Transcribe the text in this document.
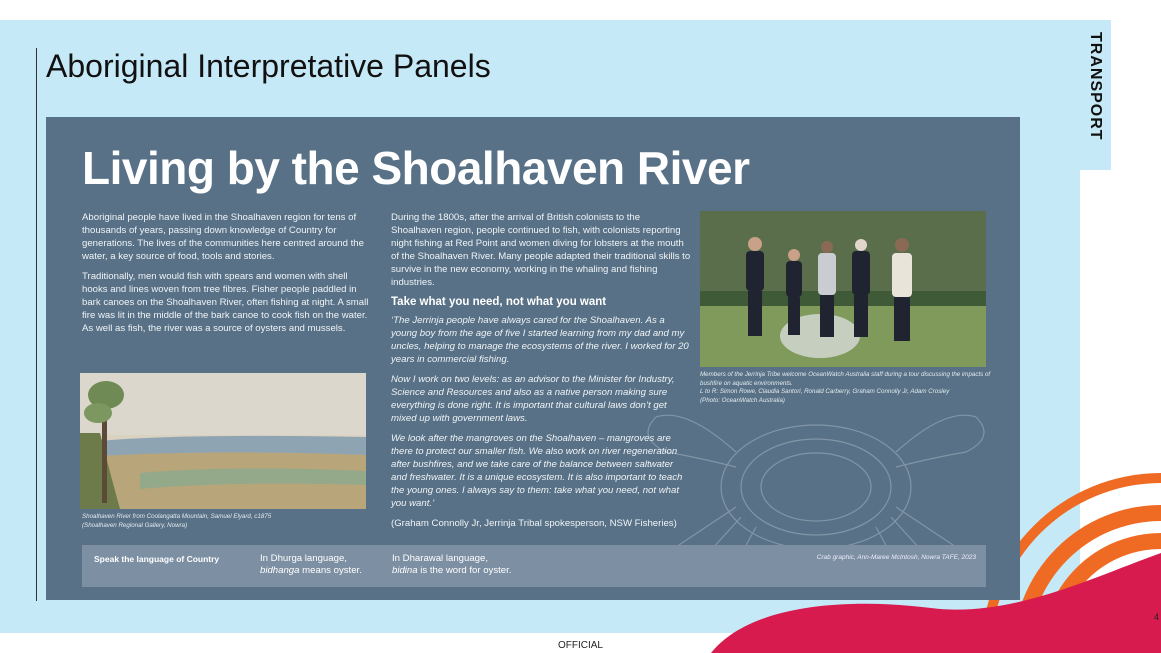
TRANSPORT
Aboriginal Interpretative Panels
Living by the Shoalhaven River

Aboriginal people have lived in the Shoalhaven region for tens of thousands of years, passing down knowledge of Country for generations. The lives of the communities here centred around the water, a key source of food, tools and stories.

Traditionally, men would fish with spears and women with shell hooks and lines woven from tree fibres. Fisher people paddled in bark canoes on the Shoalhaven River, often fishing at night. A small fire was lit in the middle of the bark canoe to cook fish on the water. As well as fish, the river was a source of oysters and mussels.

Shoalhaven River from Coolangatta Mountain, Samuel Elyard, c1875
(Shoalhaven Regional Gallery, Nowra)

During the 1800s, after the arrival of British colonists to the Shoalhaven region, people continued to fish, with colonists reporting night fishing at Red Point and women diving for lobsters at the mouth of the Shoalhaven River. Many people adapted their traditional skills to survive in the new economy, working in the whaling and fishing industries.

Take what you need, not what you want

‘The Jerrinja people have always cared for the Shoalhaven. As a young boy from the age of five I started learning from my dad and my uncles, helping to manage the ecosystems of the river. I worked for 20 years in commercial fishing.

Now I work on two levels: as an advisor to the Minister for Industry, Science and Resources and also as a native person making sure everything is done right. It is important that cultural laws don’t get mixed up with government laws.

We look after the mangroves on the Shoalhaven – mangroves are there to protect our smaller fish. We also work on river regeneration after bushfires, and we take care of the balance between saltwater and freshwater. It is a unique ecosystem. It is also important to teach the young ones. I always say to them: take what you need, not what you want.’

(Graham Connolly Jr, Jerrinja Tribal spokesperson, NSW Fisheries)

Members of the Jerrinja Tribe welcome OceanWatch Australia staff during a tour discussing the impacts of bushfire on aquatic environments.
L to R: Simon Rowe, Claudia Santori, Ronald Carberry, Graham Connolly Jr, Adam Crosley
(Photo: OceanWatch Australia)
Speak the language of Country	In Dhurga language,
bidhanga means oyster.
In Dharawal language,
bidina is the word for oyster.
Crab graphic, Ann-Maree McIntosh, Nowra TAFE, 2023
OFFICIAL
4
